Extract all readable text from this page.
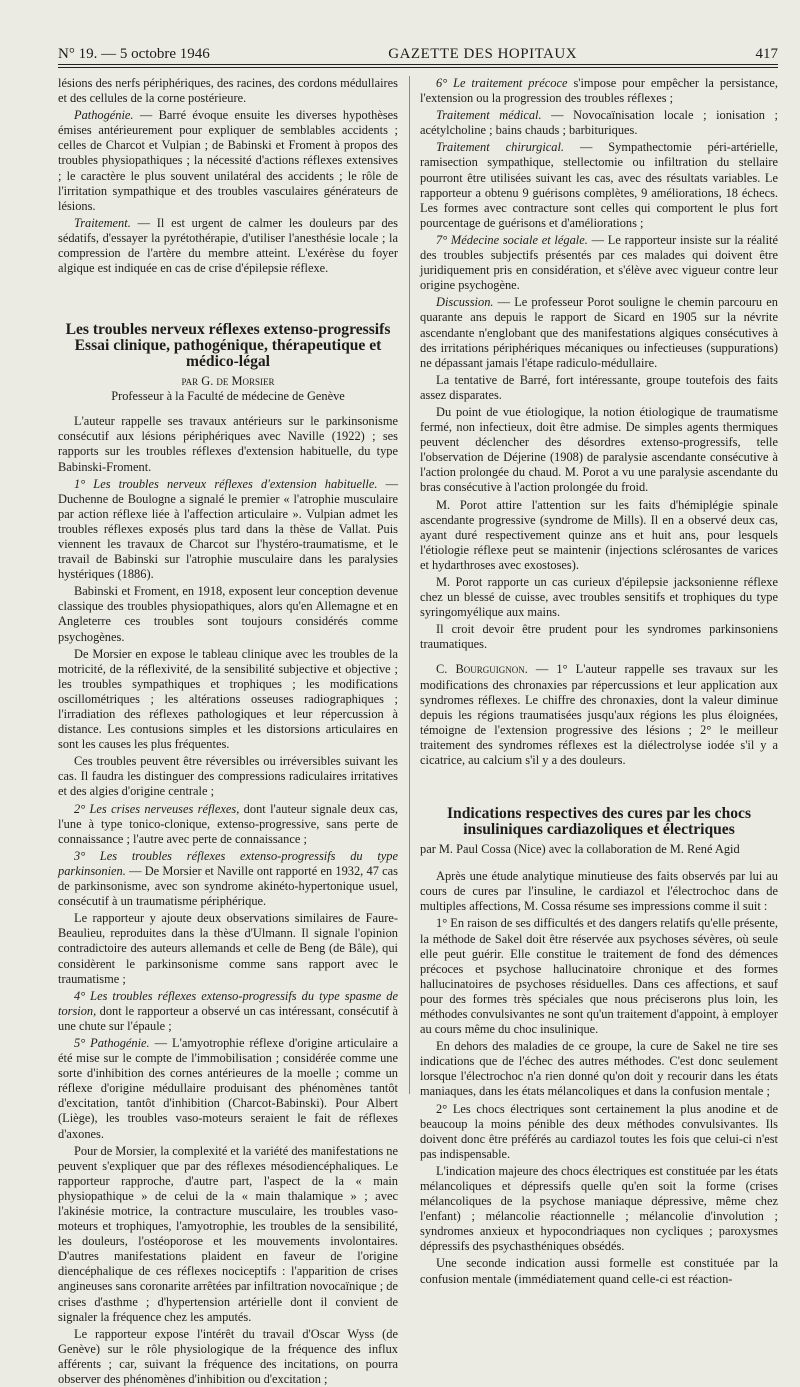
N° 19. — 5 octobre 1946	GAZETTE DES HOPITAUX	417

lésions des nerfs périphériques, des racines, des cordons médullaires et des cellules de la corne postérieure.

Pathogénie. — Barré évoque ensuite les diverses hypothèses émises antérieurement pour expliquer de semblables accidents ; celles de Charcot et Vulpian ; de Babinski et Froment à propos des troubles physiopathiques ; la nécessité d'actions réflexes extensives ; le caractère le plus souvent unilatéral des accidents ; le rôle de l'irritation sympathique et des troubles vasculaires générateurs de lésions.

Traitement. — Il est urgent de calmer les douleurs par des sédatifs, d'essayer la pyrétothérapie, d'utiliser l'anesthésie locale ; la compression de l'artère du membre atteint. L'exérèse du foyer algique est indiquée en cas de crise d'épilepsie réflexe.

Les troubles nerveux réflexes extenso-progressifs Essai clinique, pathogénique, thérapeutique et médico-légal
par G. de Morsier
Professeur à la Faculté de médecine de Genève

L'auteur rappelle ses travaux antérieurs sur le parkinsonisme consécutif aux lésions périphériques avec Naville (1922) ; ses rapports sur les troubles réflexes d'extension habituelle, du type Babinski-Froment.

1° Les troubles nerveux réflexes d'extension habituelle. — Duchenne de Boulogne a signalé le premier « l'atrophie musculaire par action réflexe liée à l'affection articulaire ». Vulpian admet les troubles réflexes exposés plus tard dans la thèse de Vallat. Puis viennent les travaux de Charcot sur l'hystéro-traumatisme, et le travail de Babinski sur l'atrophie musculaire dans les paralysies hystériques (1886).

Babinski et Froment, en 1918, exposent leur conception devenue classique des troubles physiopathiques, alors qu'en Allemagne et en Angleterre ces troubles sont toujours considérés comme psychogènes.

De Morsier en expose le tableau clinique avec les troubles de la motricité, de la réflexivité, de la sensibilité subjective et objective ; les troubles sympathiques et trophiques ; les modifications oscillométriques ; les altérations osseuses radiographiques ; l'irradiation des réflexes pathologiques et leur répercussion à distance. Les contusions simples et les distorsions articulaires en sont les causes les plus fréquentes.

Ces troubles peuvent être réversibles ou irréversibles suivant les cas. Il faudra les distinguer des compressions radiculaires irritatives et des algies d'origine centrale ;

2° Les crises nerveuses réflexes, dont l'auteur signale deux cas, l'une à type tonico-clonique, extenso-progressive, sans perte de connaissance ; l'autre avec perte de connaissance ;

3° Les troubles réflexes extenso-progressifs du type parkinsonien. — De Morsier et Naville ont rapporté en 1932, 47 cas de parkinsonisme, avec son syndrome akinéto-hypertonique usuel, consécutif à un traumatisme périphérique.

Le rapporteur y ajoute deux observations similaires de Faure-Beaulieu, reproduites dans la thèse d'Ulmann. Il signale l'opinion contradictoire des auteurs allemands et celle de Beng (de Bâle), qui considèrent le parkinsonisme comme sans rapport avec le traumatisme ;

4° Les troubles réflexes extenso-progressifs du type spasme de torsion, dont le rapporteur a observé un cas intéressant, consécutif à une chute sur l'épaule ;

5° Pathogénie. — L'amyotrophie réflexe d'origine articulaire a été mise sur le compte de l'immobilisation ; considérée comme une sorte d'inhibition des cornes antérieures de la moelle ; comme un réflexe d'origine médullaire produisant des phénomènes tantôt d'excitation, tantôt d'inhibition (Charcot-Babinski). Pour Albert (Liège), les troubles vaso-moteurs seraient le fait de réflexes d'axones.

Pour de Morsier, la complexité et la variété des manifestations ne peuvent s'expliquer que par des réflexes mésodiencéphaliques. Le rapporteur rapproche, d'autre part, l'aspect de la « main physiopathique » de celui de la « main thalamique » ; avec l'akinésie motrice, la contracture musculaire, les troubles vaso-moteurs et trophiques, l'amyotrophie, les troubles de la sensibilité, les douleurs, l'ostéoporose et les mouvements involontaires. D'autres manifestations plaident en faveur de l'origine diencéphalique de ces réflexes nociceptifs : l'apparition de crises angineuses sans coronarite arrêtées par infiltration novocaïnique ; de crises d'asthme ; d'hypertension artérielle dont il convient de signaler la fréquence chez les amputés.

Le rapporteur expose l'intérêt du travail d'Oscar Wyss (de Genève) sur le rôle physiologique de la fréquence des influx afférents ; car, suivant la fréquence des incitations, on pourra observer des phénomènes d'inhibition ou d'excitation ;

6° Le traitement précoce s'impose pour empêcher la persistance, l'extension ou la progression des troubles réflexes ;

Traitement médical. — Novocaïnisation locale ; ionisation ; acétylcholine ; bains chauds ; barbituriques.

Traitement chirurgical. — Sympathectomie péri-artérielle, ramisection sympathique, stellectomie ou infiltration du stellaire pourront être utilisées suivant les cas, avec des résultats variables. Le rapporteur a obtenu 9 guérisons complètes, 9 améliorations, 18 échecs. Les formes avec contracture sont celles qui comportent le plus fort pourcentage de guérisons et d'améliorations ;

7° Médecine sociale et légale. — Le rapporteur insiste sur la réalité des troubles subjectifs présentés par ces malades qui doivent être juridiquement pris en considération, et s'élève avec vigueur contre leur origine psychogène.

Discussion. — Le professeur Porot souligne le chemin parcouru en quarante ans depuis le rapport de Sicard en 1905 sur la névrite ascendante n'englobant que des manifestations algiques consécutives à des irritations périphériques mécaniques ou infectieuses (suppurations) ne dépassant jamais l'étape radiculo-médullaire.

La tentative de Barré, fort intéressante, groupe toutefois des faits assez disparates.

Du point de vue étiologique, la notion étiologique de traumatisme fermé, non infectieux, doit être admise. De simples agents thermiques peuvent déclencher des désordres extenso-progressifs, telle l'observation de Déjerine (1908) de paralysie ascendante consécutive à l'action prolongée du chaud. M. Porot a vu une paralysie ascendante du bras consécutive à l'action prolongée du froid.

M. Porot attire l'attention sur les faits d'hémiplégie spinale ascendante progressive (syndrome de Mills). Il en a observé deux cas, ayant duré respectivement quinze ans et huit ans, pour lesquels l'étiologie réflexe peut se maintenir (injections sclérosantes de varices et hydarthroses avec exostoses).

M. Porot rapporte un cas curieux d'épilepsie jacksonienne réflexe chez un blessé de cuisse, avec troubles sensitifs et trophiques du type syringomyélique aux mains.

Il croit devoir être prudent pour les syndromes parkinsoniens traumatiques.

C. Bourguignon. — 1° L'auteur rappelle ses travaux sur les modifications des chronaxies par répercussions et leur application aux syndromes réflexes. Le chiffre des chronaxies, dont la valeur diminue depuis les régions traumatisées jusqu'aux régions les plus éloignées, témoigne de l'extension progressive des lésions ; 2° le meilleur traitement des syndromes réflexes est la diélectrolyse iodée s'il y a cicatrice, au calcium s'il y a des douleurs.

Indications respectives des cures par les chocs insuliniques cardiazoliques et électriques
par M. Paul Cossa (Nice) avec la collaboration de M. René Agid

Après une étude analytique minutieuse des faits observés par lui au cours de cures par l'insuline, le cardiazol et l'électrochoc dans de multiples affections, M. Cossa résume ses impressions comme il suit :

1° En raison de ses difficultés et des dangers relatifs qu'elle présente, la méthode de Sakel doit être réservée aux psychoses sévères, où seule elle peut guérir. Elle constitue le traitement de fond des démences précoces et psychose hallucinatoire chronique et des formes hallucinatoires de psychoses résiduelles. Dans ces affections, et sauf pour des formes très spéciales que nous préciserons plus loin, les méthodes convulsivantes ne sont qu'un traitement d'appoint, à employer au cours même du choc insulinique.

En dehors des maladies de ce groupe, la cure de Sakel ne tire ses indications que de l'échec des autres méthodes. C'est donc seulement lorsque l'électrochoc n'a rien donné qu'on doit y recourir dans les états maniaques, dans les états mélancoliques et dans la confusion mentale ;

2° Les chocs électriques sont certainement la plus anodine et de beaucoup la moins pénible des deux méthodes convulsivantes. Ils doivent donc être préférés au cardiazol toutes les fois que celui-ci n'est pas indispensable.

L'indication majeure des chocs électriques est constituée par les états mélancoliques et dépressifs quelle qu'en soit la forme (crises mélancoliques de la psychose maniaque dépressive, même chez l'enfant) ; mélancolie réactionnelle ; mélancolie d'involution ; syndromes anxieux et hypocondriaques non cycliques ; paroxysmes dépressifs des psychasthéniques obsédés.

Une seconde indication aussi formelle est constituée par la confusion mentale (immédiatement quand celle-ci est réaction-
